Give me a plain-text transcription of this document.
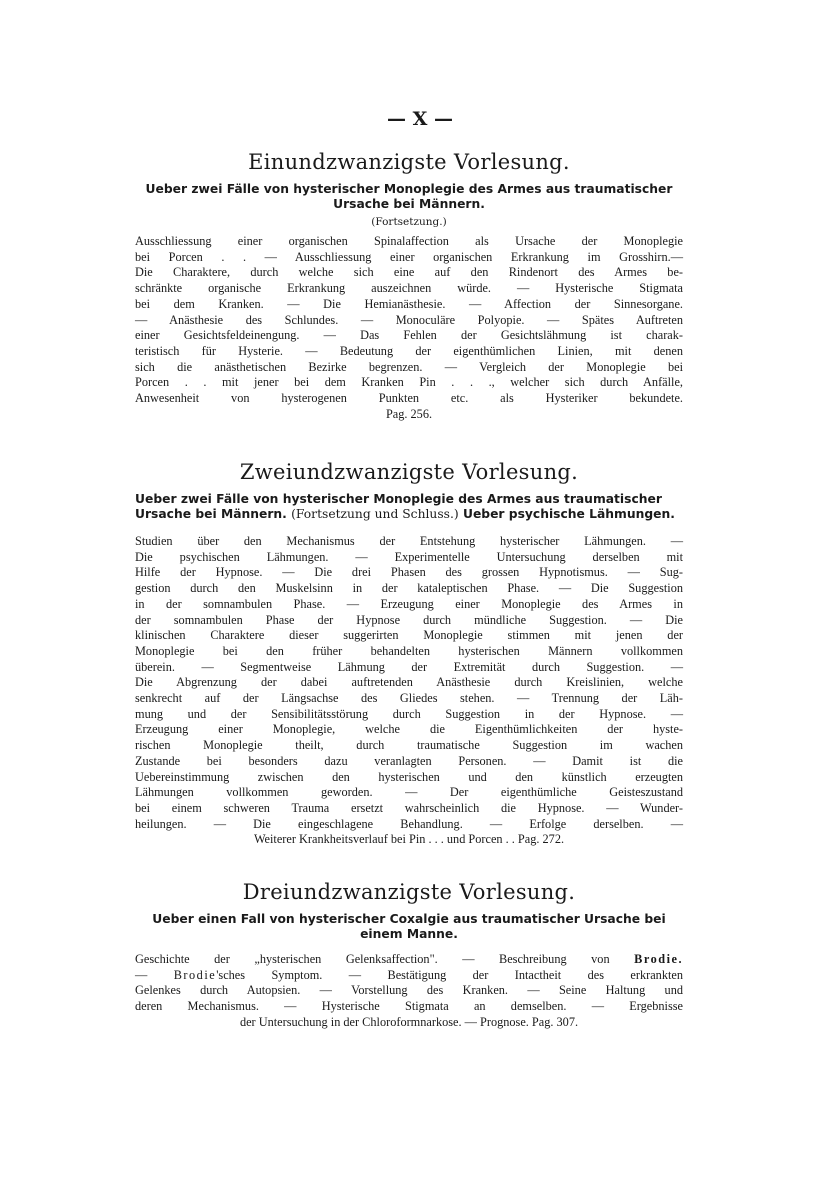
— X —
Einundzwanzigste Vorlesung.
Ueber zwei Fälle von hysterischer Monoplegie des Armes aus traumatischer Ursache bei Männern.
(Fortsetzung.)
Ausschliessung einer organischen Spinalaffection als Ursache der Monoplegie
bei Porcen . . — Ausschliessung einer organischen Erkrankung im Grosshirn.—
Die Charaktere, durch welche sich eine auf den Rindenort des Armes be-
schränkte organische Erkrankung auszeichnen würde. — Hysterische Stigmata
bei dem Kranken. — Die Hemianästhesie. — Affection der Sinnesorgane.
— Anästhesie des Schlundes. — Monoculäre Polyopie. — Spätes Auftreten
einer Gesichtsfeldeinengung. — Das Fehlen der Gesichtslähmung ist charak-
teristisch für Hysterie. — Bedeutung der eigenthümlichen Linien, mit denen
sich die anästhetischen Bezirke begrenzen. — Vergleich der Monoplegie bei
Porcen . . mit jener bei dem Kranken Pin . . ., welcher sich durch Anfälle,
Anwesenheit von hysterogenen Punkten etc. als Hysteriker bekundete.
Pag. 256.
Zweiundzwanzigste Vorlesung.
Ueber zwei Fälle von hysterischer Monoplegie des Armes aus traumatischer Ursache bei Männern. (Fortsetzung und Schluss.) Ueber psychische Lähmungen.
Studien über den Mechanismus der Entstehung hysterischer Lähmungen. —
Die psychischen Lähmungen. — Experimentelle Untersuchung derselben mit
Hilfe der Hypnose. — Die drei Phasen des grossen Hypnotismus. — Sug-
gestion durch den Muskelsinn in der kataleptischen Phase. — Die Suggestion
in der somnambulen Phase. — Erzeugung einer Monoplegie des Armes in
der somnambulen Phase der Hypnose durch mündliche Suggestion. — Die
klinischen Charaktere dieser suggerirten Monoplegie stimmen mit jenen der
Monoplegie bei den früher behandelten hysterischen Männern vollkommen
überein. — Segmentweise Lähmung der Extremität durch Suggestion. —
Die Abgrenzung der dabei auftretenden Anästhesie durch Kreislinien, welche
senkrecht auf der Längsachse des Gliedes stehen. — Trennung der Läh-
mung und der Sensibilitätsstörung durch Suggestion in der Hypnose. —
Erzeugung einer Monoplegie, welche die Eigenthümlichkeiten der hyste-
rischen Monoplegie theilt, durch traumatische Suggestion im wachen
Zustande bei besonders dazu veranlagten Personen. — Damit ist die
Uebereinstimmung zwischen den hysterischen und den künstlich erzeugten
Lähmungen vollkommen geworden. — Der eigenthümliche Geisteszustand
bei einem schweren Trauma ersetzt wahrscheinlich die Hypnose. — Wunder-
heilungen. — Die eingeschlagene Behandlung. — Erfolge derselben. —
Weiterer Krankheitsverlauf bei Pin . . . und Porcen . . Pag. 272.
Dreiundzwanzigste Vorlesung.
Ueber einen Fall von hysterischer Coxalgie aus traumatischer Ursache bei einem Manne.
Geschichte der „hysterischen Gelenksaffection". — Beschreibung von Brodie.
— Brodie'sches Symptom. — Bestätigung der Intactheit des erkrankten
Gelenkes durch Autopsien. — Vorstellung des Kranken. — Seine Haltung und
deren Mechanismus. — Hysterische Stigmata an demselben. — Ergebnisse
der Untersuchung in der Chloroformnarkose. — Prognose. Pag. 307.
